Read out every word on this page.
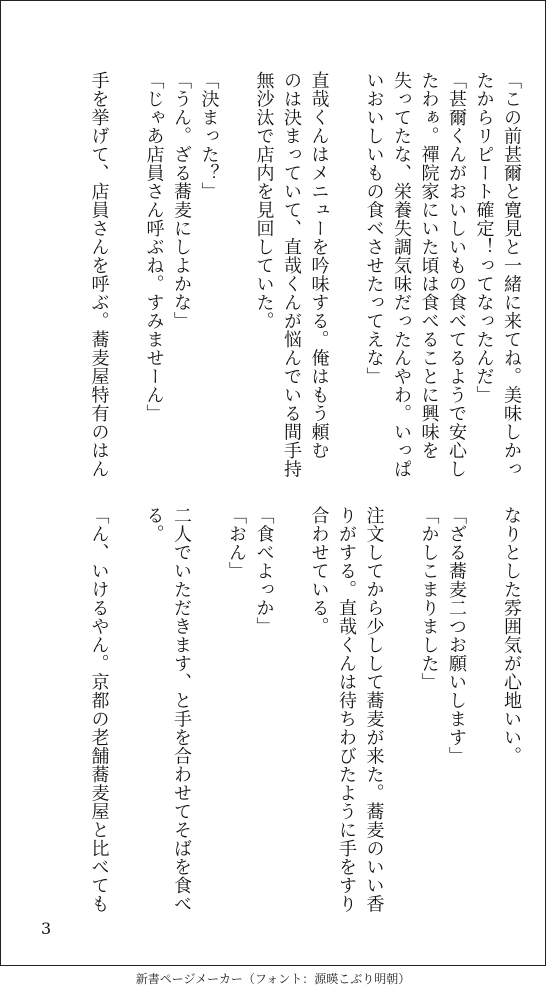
「この前甚爾と寛見と一緒に来てね。美味しかっ
たからリピート確定！ってなったんだ」
「甚爾くんがおいしいもの食べてるようで安心し
たわぁ。禪院家にいた頃は食べることに興味を
失ってたな、栄養失調気味だったんやわ。いっぱ
いおいしいもの食べさせたってえな」

直哉くんはメニューを吟味する。俺はもう頼む
のは決まっていて、直哉くんが悩んでいる間手持
無沙汰で店内を見回していた。

「決まった？」
「うん。ざる蕎麦にしよかな」
「じゃあ店員さん呼ぶね。すみませーん」

手を挙げて、店員さんを呼ぶ。蕎麦屋特有のはん
なりとした雰囲気が心地いい。

「ざる蕎麦二つお願いします」
「かしこまりました」

注文してから少しして蕎麦が来た。蕎麦のいい香
りがする。直哉くんは待ちわびたように手をすり
合わせている。

「食べよっか」
「おん」

二人でいただきます、と手を合わせてそばを食べ
る。

「ん、いけるやん。京都の老舗蕎麦屋と比べても
3
新書ページメーカー（フォント：源暎こぶり明朝）
